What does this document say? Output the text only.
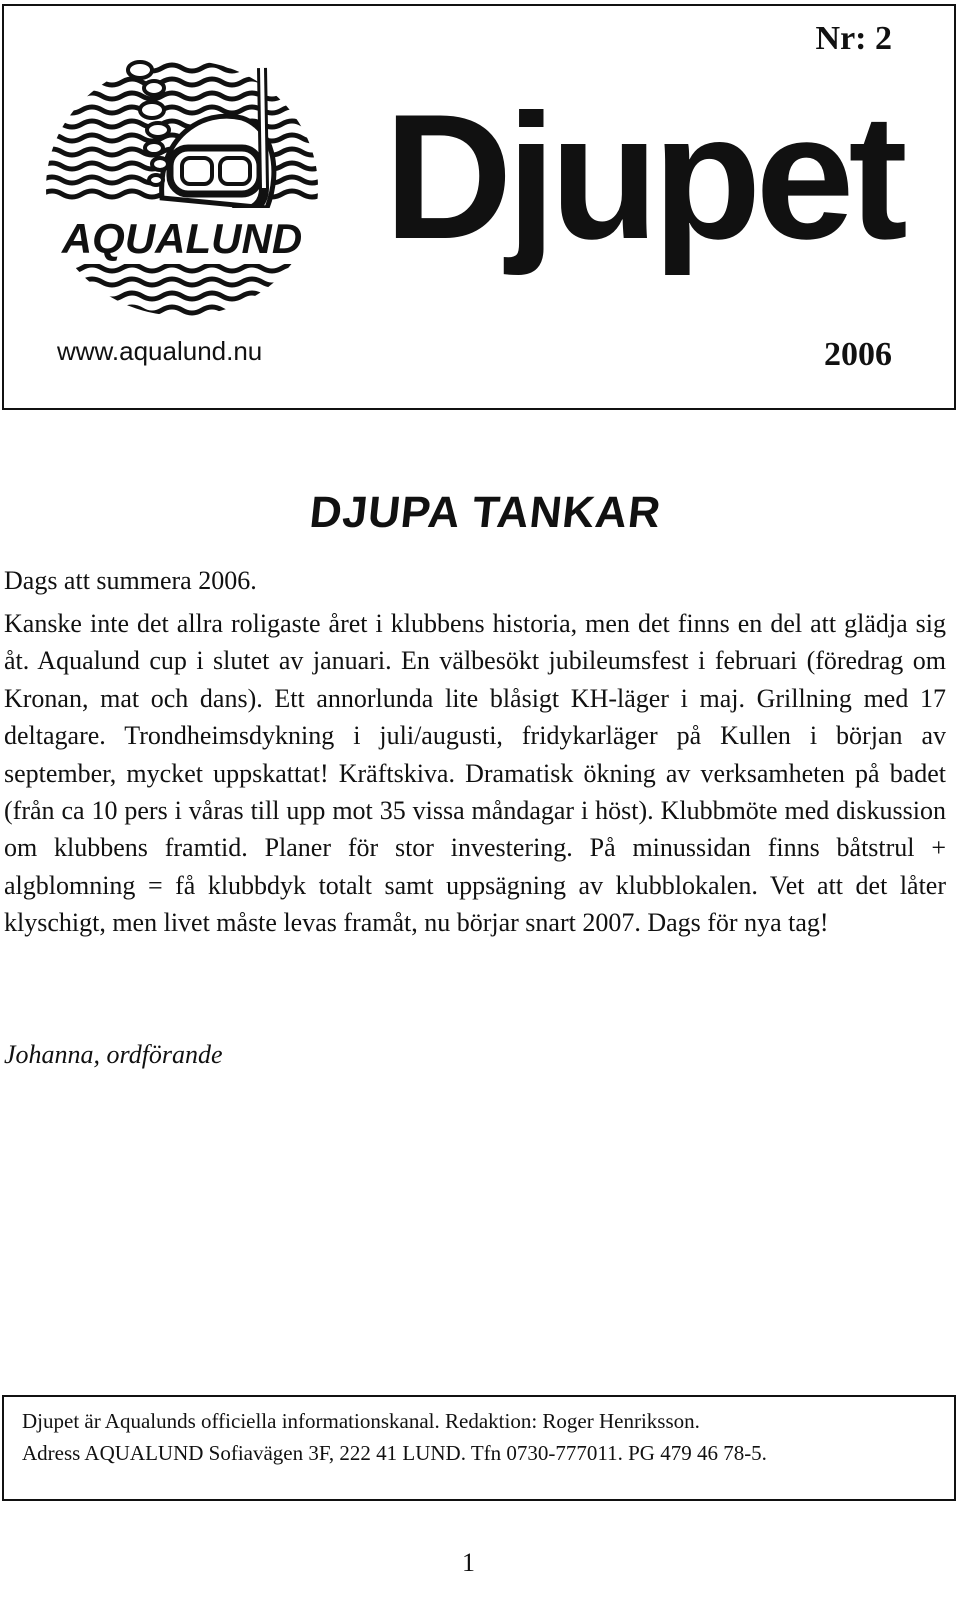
AQUALUND
Nr: 2
Djupet
www.aqualund.nu	2006
DJUPA TANKAR

Dags att summera 2006.

Kanske inte det allra roligaste året i klubbens historia, men det finns en del att glädja sig åt. Aqualund cup i slutet av januari. En välbesökt jubileumsfest i februari (föredrag om Kronan, mat och dans). Ett annorlunda lite blåsigt KH-läger i maj. Grillning med 17 deltagare. Trondheimsdykning i juli/augusti, fridykarläger på Kullen i början av september, mycket uppskattat! Kräftskiva. Dramatisk ökning av verksamheten på badet (från ca 10 pers i våras till upp mot 35 vissa måndagar i höst). Klubbmöte med diskussion om klubbens framtid. Planer för stor investering. På minussidan finns båtstrul + algblomning = få klubbdyk totalt samt uppsägning av klubblokalen. Vet att det låter klyschigt, men livet måste levas framåt, nu börjar snart 2007. Dags för nya tag!

Johanna, ordförande

Djupet är Aqualunds officiella informationskanal. Redaktion: Roger Henriksson.

Adress AQUALUND Sofiavägen 3F, 222 41 LUND. Tfn 0730-777011. PG 479 46 78-5.

1
